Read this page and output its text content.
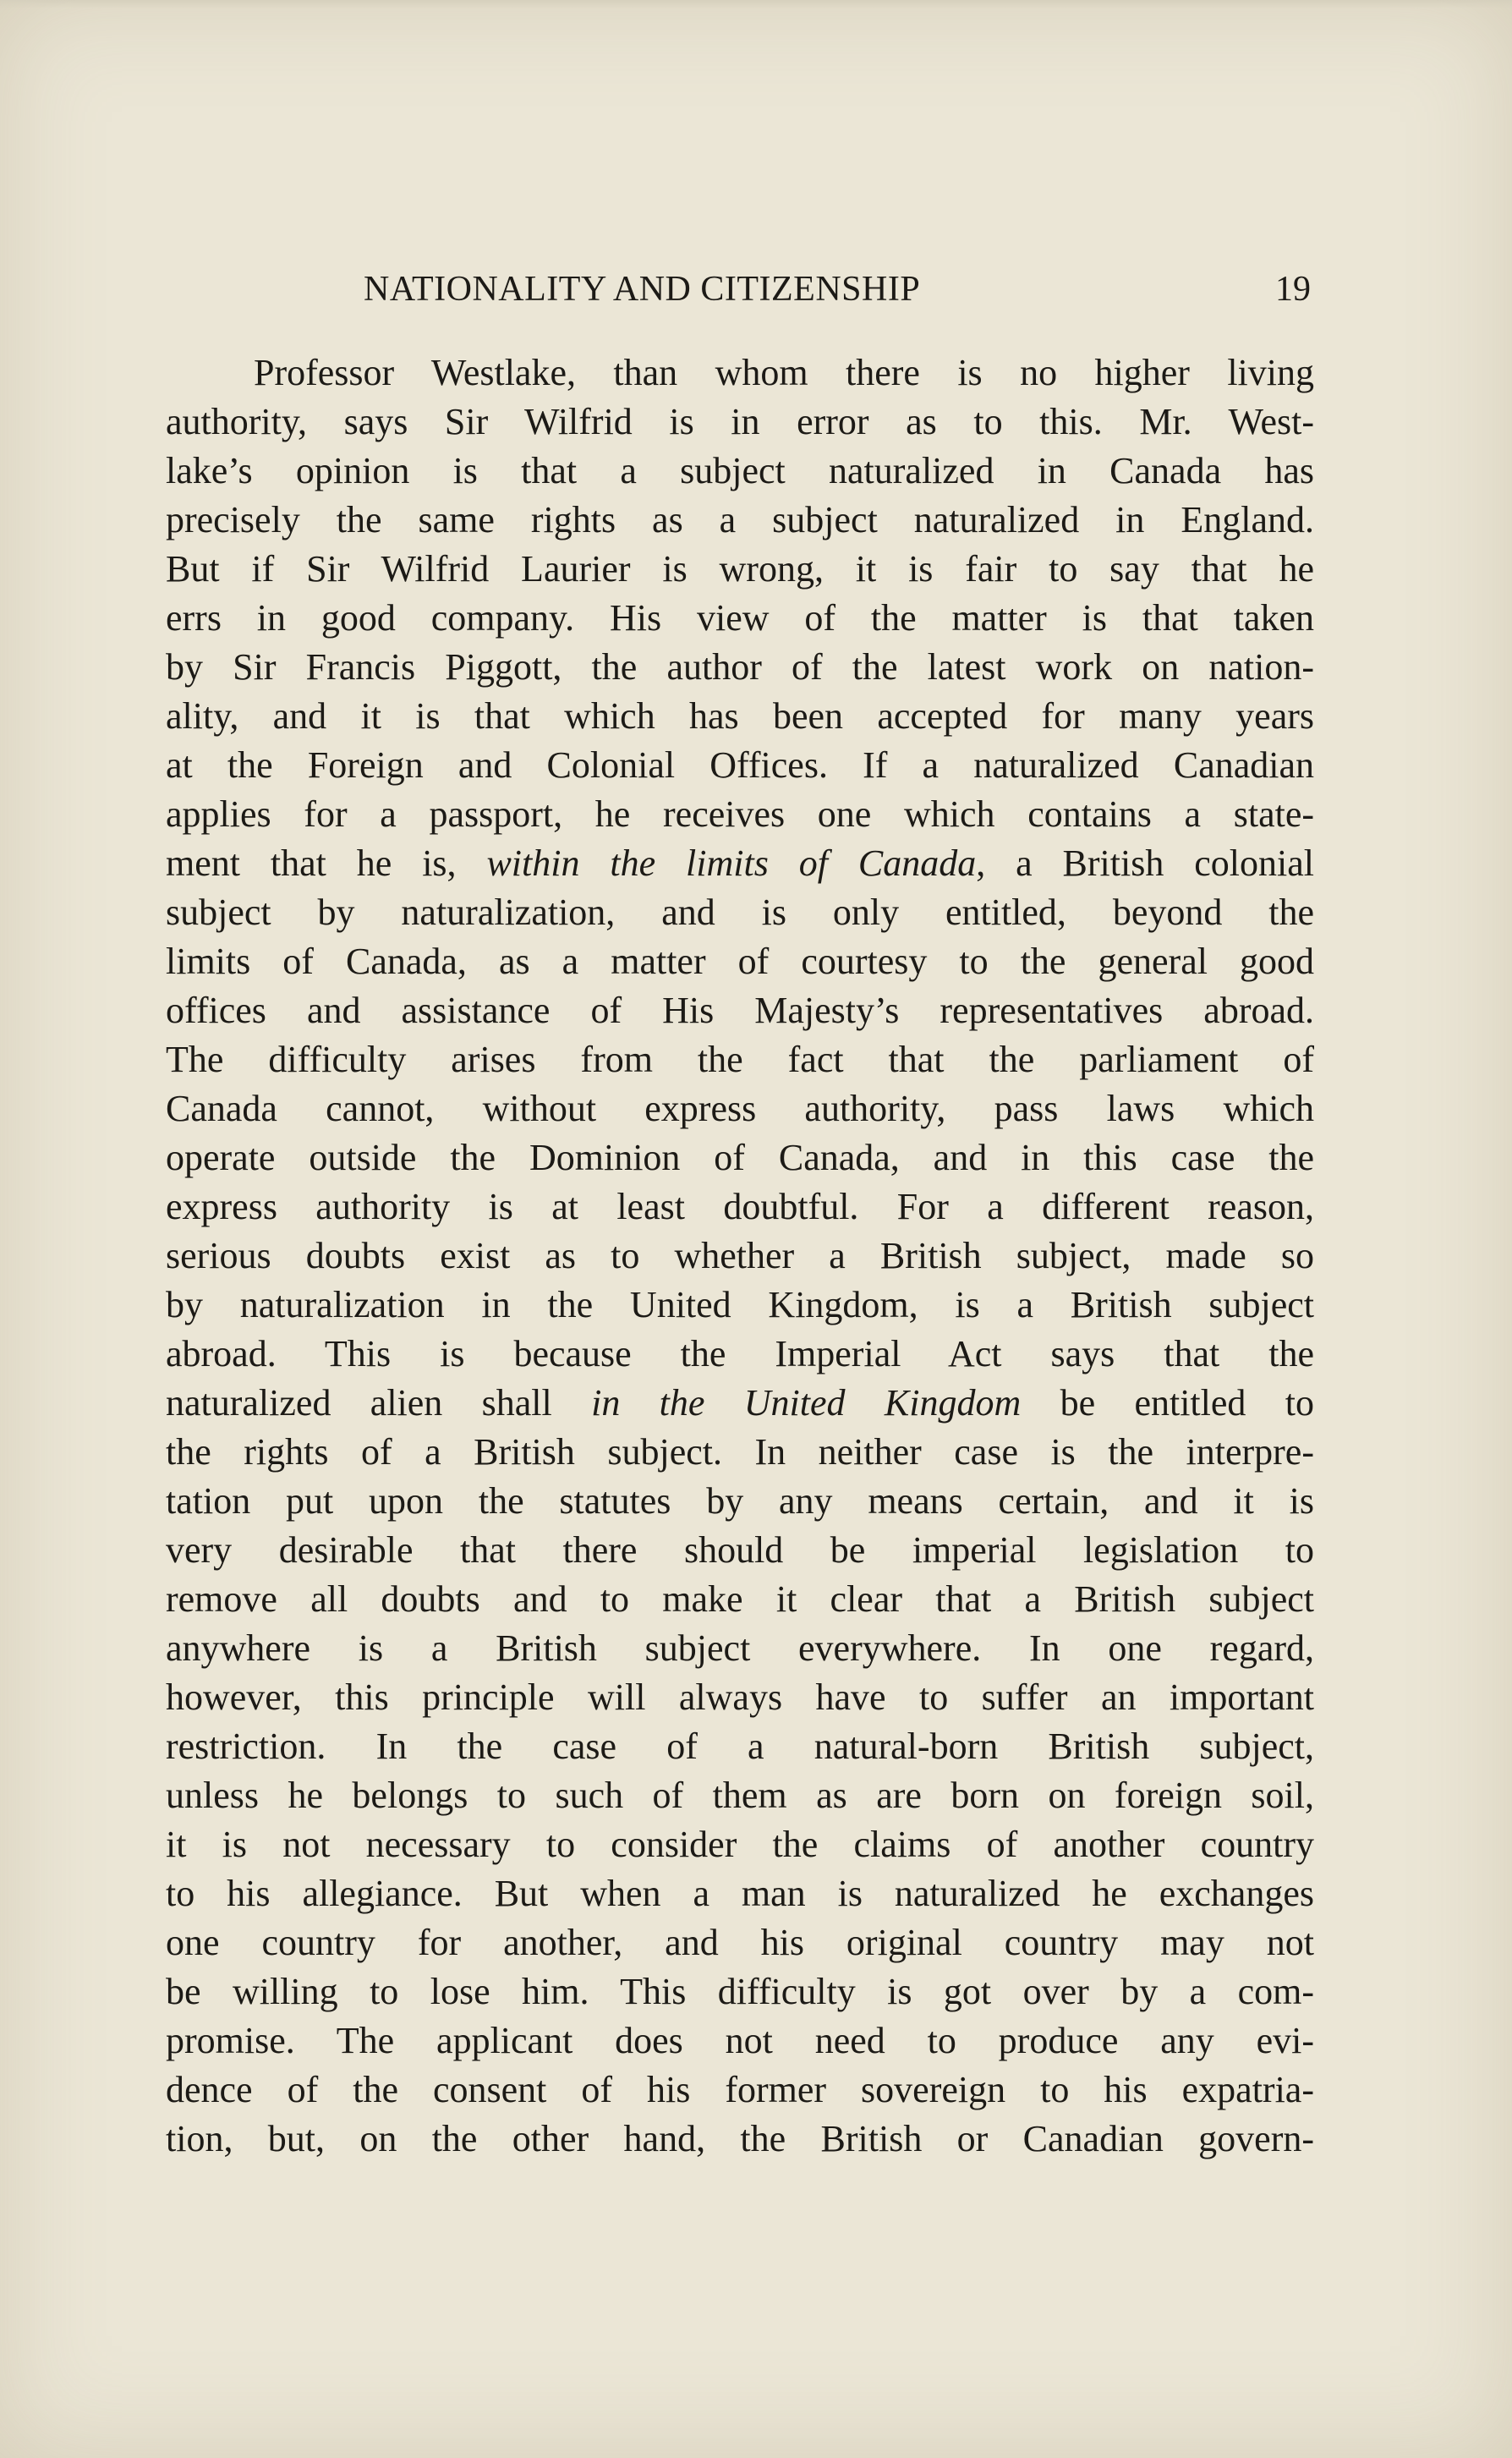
NATIONALITY AND CITIZENSHIP	19
Professor Westlake, than whom there is no higher living
authority, says Sir Wilfrid is in error as to this. Mr. West-
lake’s opinion is that a subject naturalized in Canada has
precisely the same rights as a subject naturalized in England.
But if Sir Wilfrid Laurier is wrong, it is fair to say that he
errs in good company. His view of the matter is that taken
by Sir Francis Piggott, the author of the latest work on nation-
ality, and it is that which has been accepted for many years
at the Foreign and Colonial Offices. If a naturalized Canadian
applies for a passport, he receives one which contains a state-
ment that he is, within the limits of Canada, a British colonial
subject by naturalization, and is only entitled, beyond the
limits of Canada, as a matter of courtesy to the general good
offices and assistance of His Majesty’s representatives abroad.
The difficulty arises from the fact that the parliament of
Canada cannot, without express authority, pass laws which
operate outside the Dominion of Canada, and in this case the
express authority is at least doubtful. For a different reason,
serious doubts exist as to whether a British subject, made so
by naturalization in the United Kingdom, is a British subject
abroad. This is because the Imperial Act says that the
naturalized alien shall in the United Kingdom be entitled to
the rights of a British subject. In neither case is the interpre-
tation put upon the statutes by any means certain, and it is
very desirable that there should be imperial legislation to
remove all doubts and to make it clear that a British subject
anywhere is a British subject everywhere. In one regard,
however, this principle will always have to suffer an important
restriction. In the case of a natural-born British subject,
unless he belongs to such of them as are born on foreign soil,
it is not necessary to consider the claims of another country
to his allegiance. But when a man is naturalized he exchanges
one country for another, and his original country may not
be willing to lose him. This difficulty is got over by a com-
promise. The applicant does not need to produce any evi-
dence of the consent of his former sovereign to his expatria-
tion, but, on the other hand, the British or Canadian govern-
